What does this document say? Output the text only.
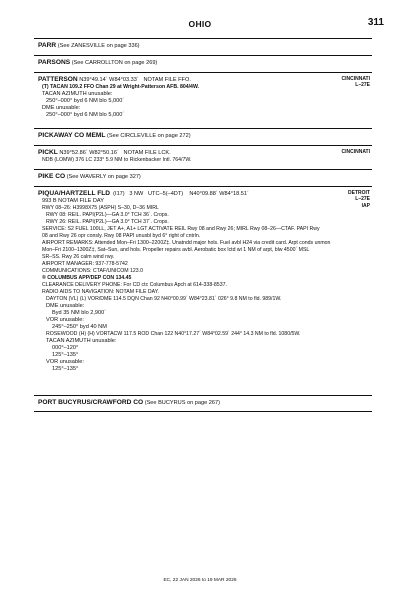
OHIO	311
PARR (See ZANESVILLE on page 336)
PARSONS (See CARROLLTON on page 269)
PATTERSON N39°49.14´ W84°03.33´ NOTAM FILE FFO.	CINCINNATI
L–27E
(T) TACAN 109.2 FFO Chan 29 at Wright-Patterson AFB. 804/4W.
TACAN AZIMUTH unusable:
250°–000° byd 6 NM blo 5,000´
DME unusable:
250°–000° byd 6 NM blo 5,000´
PICKAWAY CO MEML (See CIRCLEVILLE on page 272)
PICKL N39°52.86´ W82°50.16´ NOTAM FILE LCK.	CINCINNATI
NDB (LOMW) 376 LC 233° 5.9 NM to Rickenbacker Intl. 764/7W.
PIKE CO (See WAVERLY on page 327)
PIQUA/HARTZELL FLD (I17) 3 NW UTC–5(–4DT) N40°09.88´ W84°18.51´	DETROIT
L–27E
IAP
993 B NOTAM FILE DAY
RWY 08–26: H3998X75 (ASPH) S–30, D–36 MIRL
RWY 08: REIL. PAPI(P2L)—GA 3.0° TCH 36´. Crops.
RWY 26: REIL. PAPI(P2L)—GA 3.0° TCH 37´. Crops.
SERVICE: S2 FUEL 100LL, JET A+, A1+ LGT ACTIVATE REIL Rwy 08 and Rwy 26; MIRL Rwy 08–26—CTAF. PAPI Rwy
08 and Rwy 26 opr consly. Rwy 08 PAPI unusbl byd 6° right of cntrln.
AIRPORT REMARKS: Attended Mon–Fri 1300–2200Z‡. Unatndd major hols. Fuel avbl H24 via credit card. Arpt conds unmon
Mon–Fri 2100–1300Z‡, Sat–Sun, and hols. Propeller repairs avbl. Aerobatic box lctd wi 1 NM of arpt, blw 4500´ MSL
SR–SS. Rwy 26 calm wind rwy.
AIRPORT MANAGER: 937-778-5742
COMMUNICATIONS: CTAF/UNICOM 123.0
® COLUMBUS APP/DEP CON 134.45
CLEARANCE DELIVERY PHONE: For CD ctc Columbus Apch at 614-338-8537.
RADIO AIDS TO NAVIGATION: NOTAM FILE DAY.
DAYTON (VL) (L) VOR/DME 114.5 DQN Chan 92 N40°00.99´ W84°23.81´ 026° 9.8 NM to fld. 989/1W.
DME unusable:
Byd 35 NM blo 2,900´
VOR unusable:
245°–250° byd 40 NM
ROSEWOOD (H) (H) VORTACW 117.5 ROD Chan 122 N40°17.27´ W84°02.59´ 244° 14.3 NM to fld. 1080/5W.
TACAN AZIMUTH unusable:
000°–120°
125°–135°
VOR unusable:
125°–135°
PORT BUCYRUS/CRAWFORD CO (See BUCYRUS on page 267)
EC, 22 JAN 2026 to 19 MAR 2026
